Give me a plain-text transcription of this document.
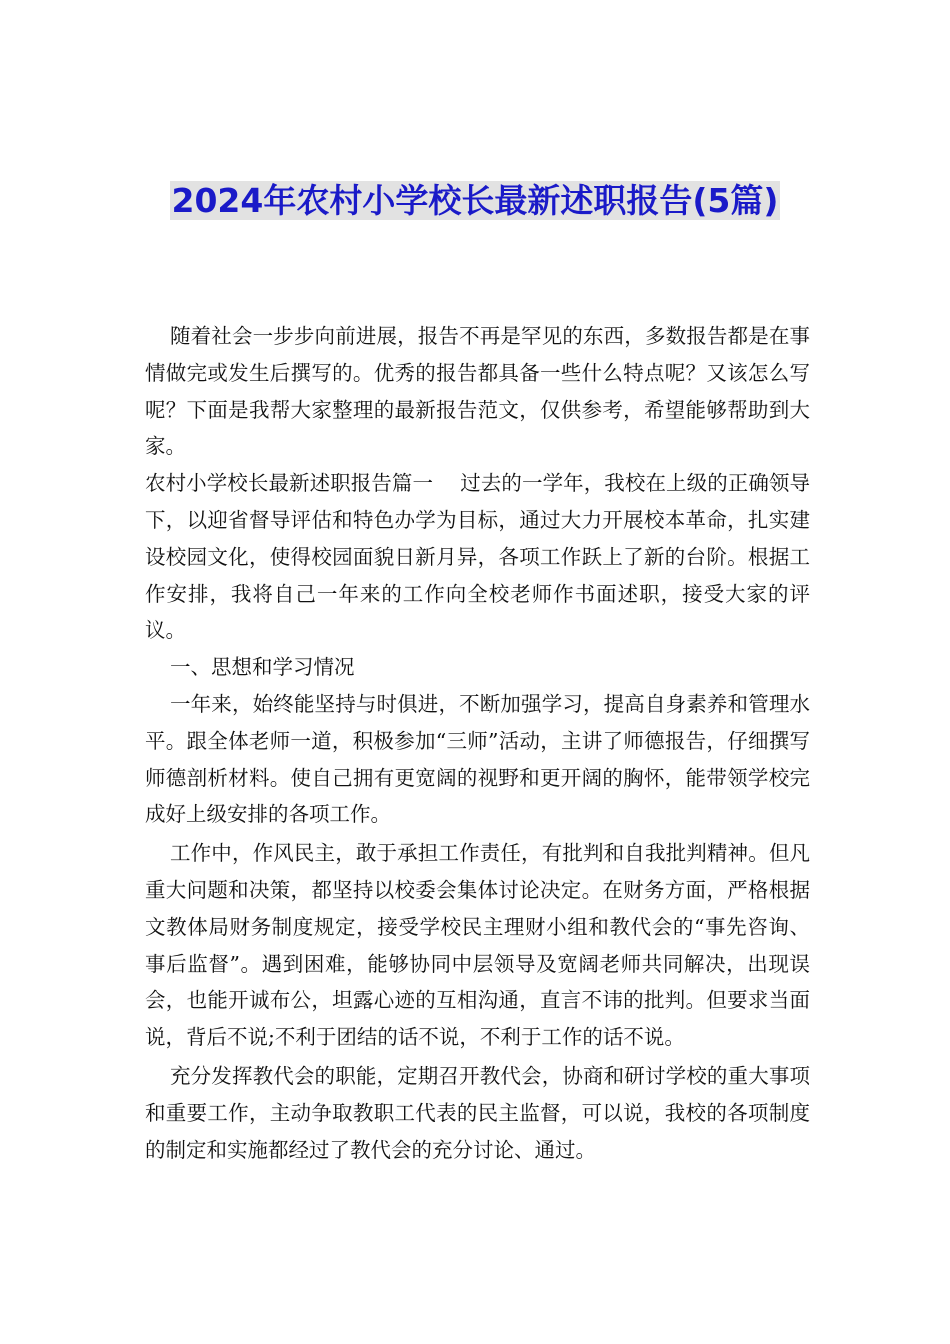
2024年农村小学校长最新述职报告(5篇)

随着社会一步步向前进展，报告不再是罕见的东西，多数报告都是在事情做完或发生后撰写的。优秀的报告都具备一些什么特点呢？又该怎么写呢？下面是我帮大家整理的最新报告范文，仅供参考，希望能够帮助到大家。

农村小学校长最新述职报告篇一　 过去的一学年，我校在上级的正确领导下，以迎省督导评估和特色办学为目标，通过大力开展校本革命，扎实建设校园文化，使得校园面貌日新月异，各项工作跃上了新的台阶。根据工作安排，我将自己一年来的工作向全校老师作书面述职，接受大家的评议。

一、思想和学习情况

一年来，始终能坚持与时俱进，不断加强学习，提高自身素养和管理水平。跟全体老师一道，积极参加“三师”活动，主讲了师德报告，仔细撰写师德剖析材料。使自己拥有更宽阔的视野和更开阔的胸怀，能带领学校完成好上级安排的各项工作。

工作中，作风民主，敢于承担工作责任，有批判和自我批判精神。但凡重大问题和决策，都坚持以校委会集体讨论决定。在财务方面，严格根据文教体局财务制度规定，接受学校民主理财小组和教代会的“事先咨询、事后监督”。遇到困难，能够协同中层领导及宽阔老师共同解决，出现误会，也能开诚布公，坦露心迹的互相沟通，直言不讳的批判。但要求当面说，背后不说;不利于团结的话不说，不利于工作的话不说。

充分发挥教代会的职能，定期召开教代会，协商和研讨学校的重大事项和重要工作，主动争取教职工代表的民主监督，可以说，我校的各项制度的制定和实施都经过了教代会的充分讨论、通过。
